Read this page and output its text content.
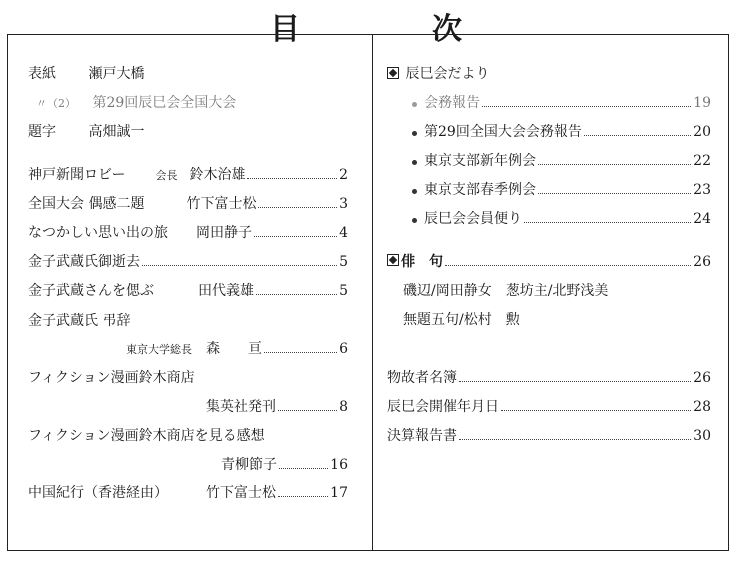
目	次
表紙 瀬戸大橋
〃（2） 第29回辰巳会全国大会
題字 高畑誠一
神戸新聞ロビー	会長 鈴木治雄	2
全国大会 偶感二題	竹下富士松	3
なつかしい思い出の旅 岡田静子	4
金子武蔵氏御逝去	5
金子武蔵さんを偲ぶ	田代義雄	5
金子武蔵氏 弔辞
東京大学総長 森　　亘	6
フィクション漫画鈴木商店
集英社発刊	8
フィクション漫画鈴木商店を見る感想
青柳節子	16
中国紀行（香港経由）	竹下富士松	17
辰巳会だより
会務報告	19
第29回全国大会会務報告	20
東京支部新年例会	22
東京支部春季例会	23
辰巳会会員便り	24
俳　句	26
磯辺/岡田静女　葱坊主/北野浅美
無題五句/松村　勲
物故者名簿	26
辰巳会開催年月日	28
決算報告書	30
